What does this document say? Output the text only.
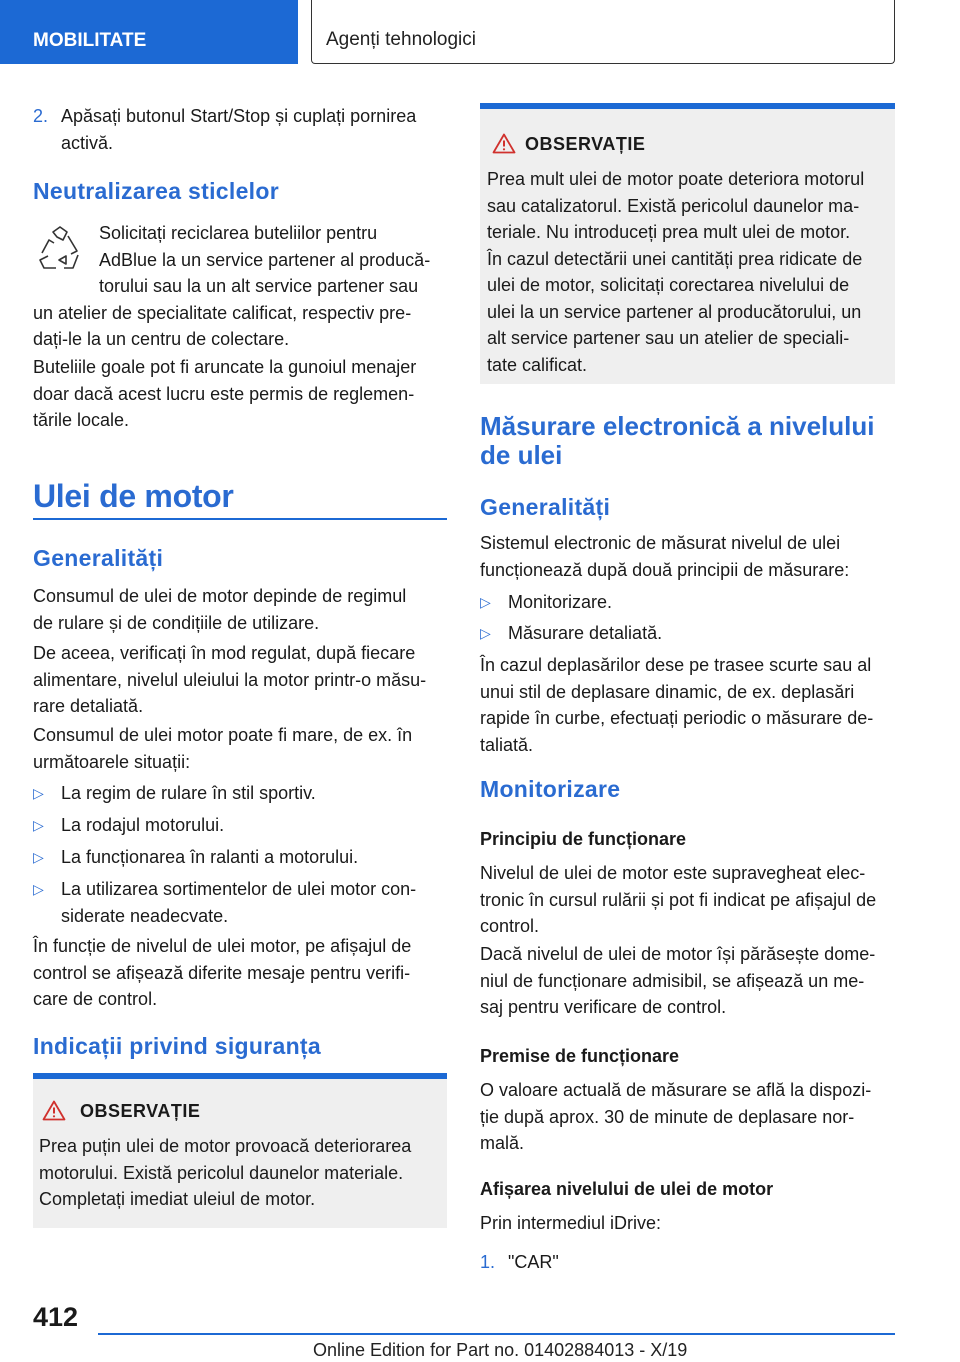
MOBILITATE	Agenți tehnologici
2. Apăsați butonul Start/Stop și cuplați pornirea
activă.
Neutralizarea sticlelor
Solicitați reciclarea buteliilor pentru
AdBlue la un service partener al producă-
torului sau la un alt service partener sau
un atelier de specialitate calificat, respectiv pre-
dați-le la un centru de colectare.
Buteliile goale pot fi aruncate la gunoiul menajer
doar dacă acest lucru este permis de reglemen-
tările locale.
Ulei de motor
Generalități
Consumul de ulei de motor depinde de regimul
de rulare și de condițiile de utilizare.
De aceea, verificați în mod regulat, după fiecare
alimentare, nivelul uleiului la motor printr-o măsu-
rare detaliată.
Consumul de ulei motor poate fi mare, de ex. în
următoarele situații:
▷ La regim de rulare în stil sportiv.
▷ La rodajul motorului.
▷ La funcționarea în ralanti a motorului.
▷ La utilizarea sortimentelor de ulei motor con-
siderate neadecvate.
În funcție de nivelul de ulei motor, pe afișajul de
control se afișează diferite mesaje pentru verifi-
care de control.
Indicații privind siguranța
OBSERVAȚIE
Prea puțin ulei de motor provoacă deteriorarea
motorului. Există pericolul daunelor materiale.
Completați imediat uleiul de motor.
OBSERVAȚIE
Prea mult ulei de motor poate deteriora motorul
sau catalizatorul. Există pericolul daunelor ma-
teriale. Nu introduceți prea mult ulei de motor.
În cazul detectării unei cantități prea ridicate de
ulei de motor, solicitați corectarea nivelului de
ulei la un service partener al producătorului, un
alt service partener sau un atelier de speciali-
tate calificat.
Măsurare electronică a nivelului
de ulei
Generalități
Sistemul electronic de măsurat nivelul de ulei
funcționează după două principii de măsurare:
▷ Monitorizare.
▷ Măsurare detaliată.
În cazul deplasărilor dese pe trasee scurte sau al
unui stil de deplasare dinamic, de ex. deplasări
rapide în curbe, efectuați periodic o măsurare de-
taliată.
Monitorizare
Principiu de funcționare
Nivelul de ulei de motor este supravegheat elec-
tronic în cursul rulării și pot fi indicat pe afișajul de
control.
Dacă nivelul de ulei de motor își părăsește dome-
niul de funcționare admisibil, se afișează un me-
saj pentru verificare de control.
Premise de funcționare
O valoare actuală de măsurare se află la dispozi-
ție după aprox. 30 de minute de deplasare nor-
mală.
Afișarea nivelului de ulei de motor
Prin intermediul iDrive:
1. "CAR"
412
Online Edition for Part no. 01402884013 - X/19
